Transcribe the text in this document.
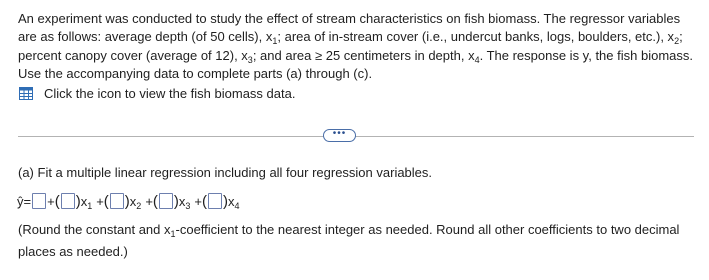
An experiment was conducted to study the effect of stream characteristics on fish biomass. The regressor variables

are as follows: average depth (of 50 cells), $x_1$; area of in-stream cover (i.e., undercut banks, logs, boulders, etc.), $x_2$;

percent canopy cover (average of 12), $x_3$; and area ≥ 25 centimeters in depth, $x_4$. The response is y, the fish biomass.

Use the accompanying data to complete parts (a) through (c).

Click the icon to view the fish biomass data.
•••
(a) Fit a multiple linear regression including all four regression variables.
ŷ = + ( ) $x_1$ + ( ) $x_2$ + ( ) $x_3$ + ( ) $x_4$

(Round the constant and $x_1$-coefficient to the nearest integer as needed. Round all other coefficients to two decimal

places as needed.)
